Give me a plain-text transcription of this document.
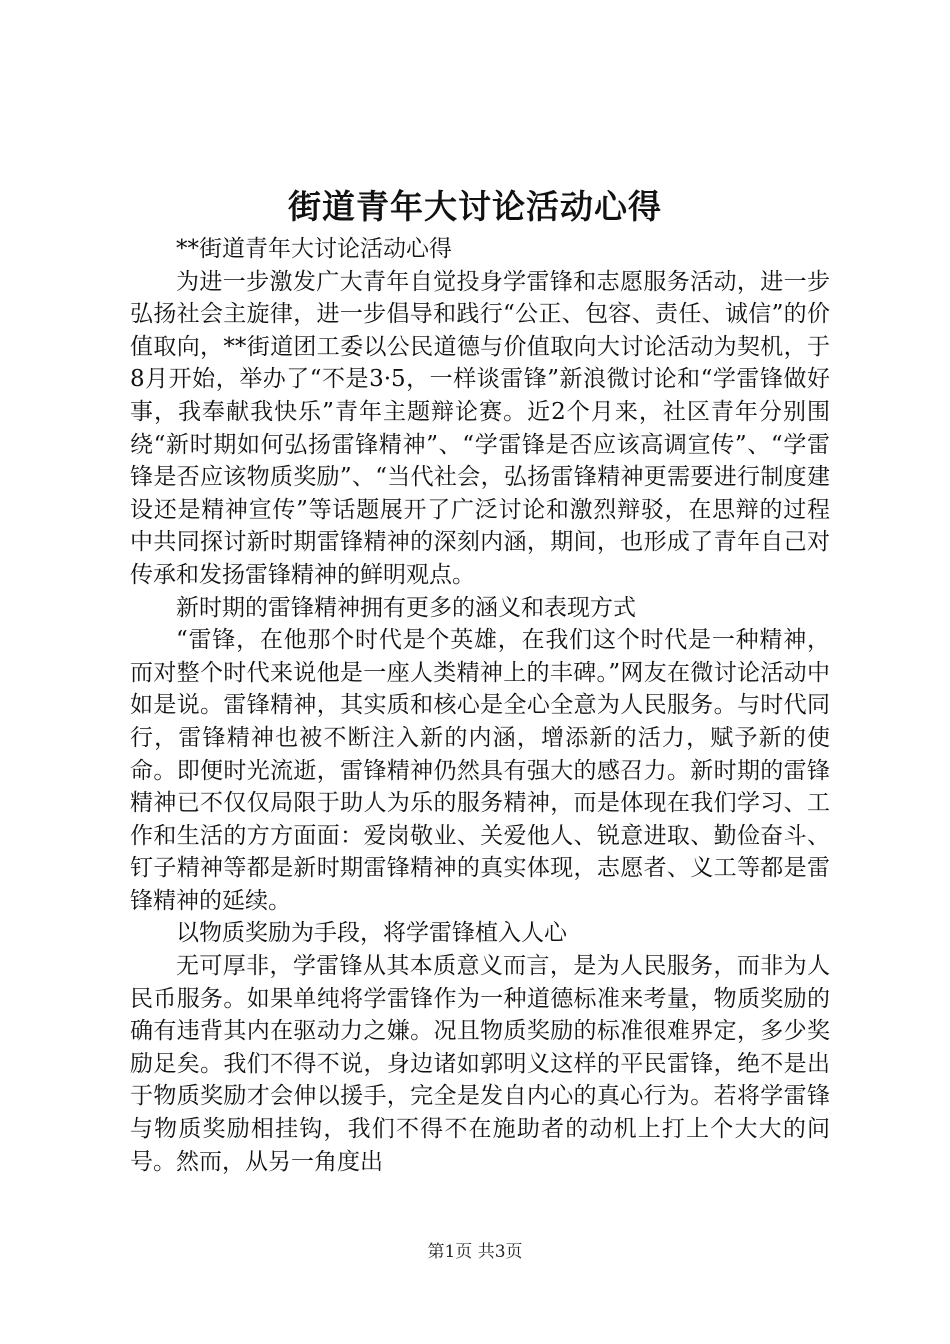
街道青年大讨论活动心得

**街道青年大讨论活动心得

为进一步激发广大青年自觉投身学雷锋和志愿服务活动，进一步弘扬社会主旋律，进一步倡导和践行“公正、包容、责任、诚信”的价值取向，**街道团工委以公民道德与价值取向大讨论活动为契机，于8月开始，举办了“不是3·5，一样谈雷锋”新浪微讨论和“学雷锋做好事，我奉献我快乐”青年主题辩论赛。近2个月来，社区青年分别围绕“新时期如何弘扬雷锋精神”、“学雷锋是否应该高调宣传”、“学雷锋是否应该物质奖励”、“当代社会，弘扬雷锋精神更需要进行制度建设还是精神宣传”等话题展开了广泛讨论和激烈辩驳，在思辩的过程中共同探讨新时期雷锋精神的深刻内涵，期间，也形成了青年自己对传承和发扬雷锋精神的鲜明观点。

新时期的雷锋精神拥有更多的涵义和表现方式

“雷锋，在他那个时代是个英雄，在我们这个时代是一种精神，而对整个时代来说他是一座人类精神上的丰碑。”网友在微讨论活动中如是说。雷锋精神，其实质和核心是全心全意为人民服务。与时代同行，雷锋精神也被不断注入新的内涵，增添新的活力，赋予新的使命。即便时光流逝，雷锋精神仍然具有强大的感召力。新时期的雷锋精神已不仅仅局限于助人为乐的服务精神，而是体现在我们学习、工作和生活的方方面面：爱岗敬业、关爱他人、锐意进取、勤俭奋斗、钉子精神等都是新时期雷锋精神的真实体现，志愿者、义工等都是雷锋精神的延续。

以物质奖励为手段，将学雷锋植入人心

无可厚非，学雷锋从其本质意义而言，是为人民服务，而非为人民币服务。如果单纯将学雷锋作为一种道德标准来考量，物质奖励的确有违背其内在驱动力之嫌。况且物质奖励的标准很难界定，多少奖励足矣。我们不得不说，身边诸如郭明义这样的平民雷锋，绝不是出于物质奖励才会伸以援手，完全是发自内心的真心行为。若将学雷锋与物质奖励相挂钩，我们不得不在施助者的动机上打上个大大的问号。然而，从另一角度出

第1页 共3页
